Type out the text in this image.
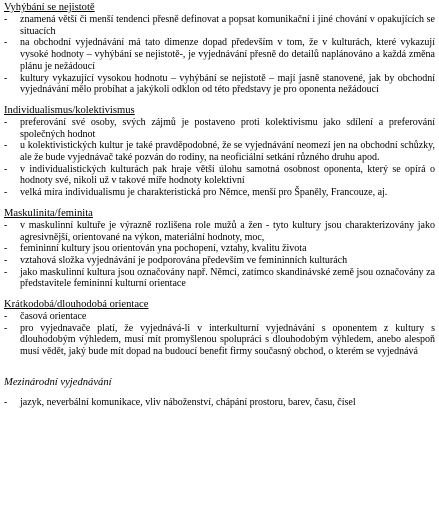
Vyhýbání se nejistotě

- znamená větší či menší tendenci přesně definovat a popsat komunikační i jiné chování v opakujících se situacích
- na obchodní vyjednávání má tato dimenze dopad především v tom, že v kulturách, které vykazují vysoké hodnoty – vyhýbání se nejistotě-, je vyjednávání přesně do detailů naplánováno a každá změna plánu je nežádoucí
- kultury vykazující vysokou hodnotu – vyhýbání se nejistotě – mají jasně stanovené, jak by obchodní vyjednávání mělo probíhat a jakýkoli odklon od této představy je pro oponenta nežádoucí

Individualismus/kolektivismus

- preferování své osoby, svých zájmů je postaveno proti kolektivismu jako sdílení a preferování společných hodnot
- u kolektivistických kultur je také pravděpodobné, že se vyjednávání neomezí jen na obchodní schůzky, ale že bude vyjednávač také pozván do rodiny, na neoficiální setkání různého druhu apod.
- v individualistických kulturách pak hraje větší úlohu samotná osobnost oponenta, který se opírá o hodnoty své, nikoli už v takové míře hodnoty kolektivní
- velká míra individualismu je charakteristická pro Němce, menší pro Španěly, Francouze, aj.

Maskulinita/feminita

- v maskulinní kultuře je výrazně rozlišena role mužů a žen - tyto kultury jsou charakterizovány jako agresivnější, orientované na výkon, materiální hodnoty, moc,
- femininní kultury jsou orientován yna pochopení, vztahy, kvalitu života
- vztahová složka vyjednávání je podporována především ve femininních kulturách
- jako maskulinní kultura jsou označovány např. Němci, zatímco skandinávské země jsou označovány za představitele femininní kulturní orientace

Krátkodobá/dlouhodobá orientace

- časová orientace
- pro vyjednavače platí, že vyjednává-li v interkulturní vyjednávání s oponentem z kultury s dlouhodobým výhledem, musí mít promyšlenou spolupráci s dlouhodobým výhledem, anebo alespoň musí vědět, jaký bude mít dopad na budoucí benefit firmy současný obchod, o kterém se vyjednává

Mezinárodní vyjednávání

- jazyk, neverbální komunikace, vliv náboženství, chápání prostoru, barev, času, čísel
